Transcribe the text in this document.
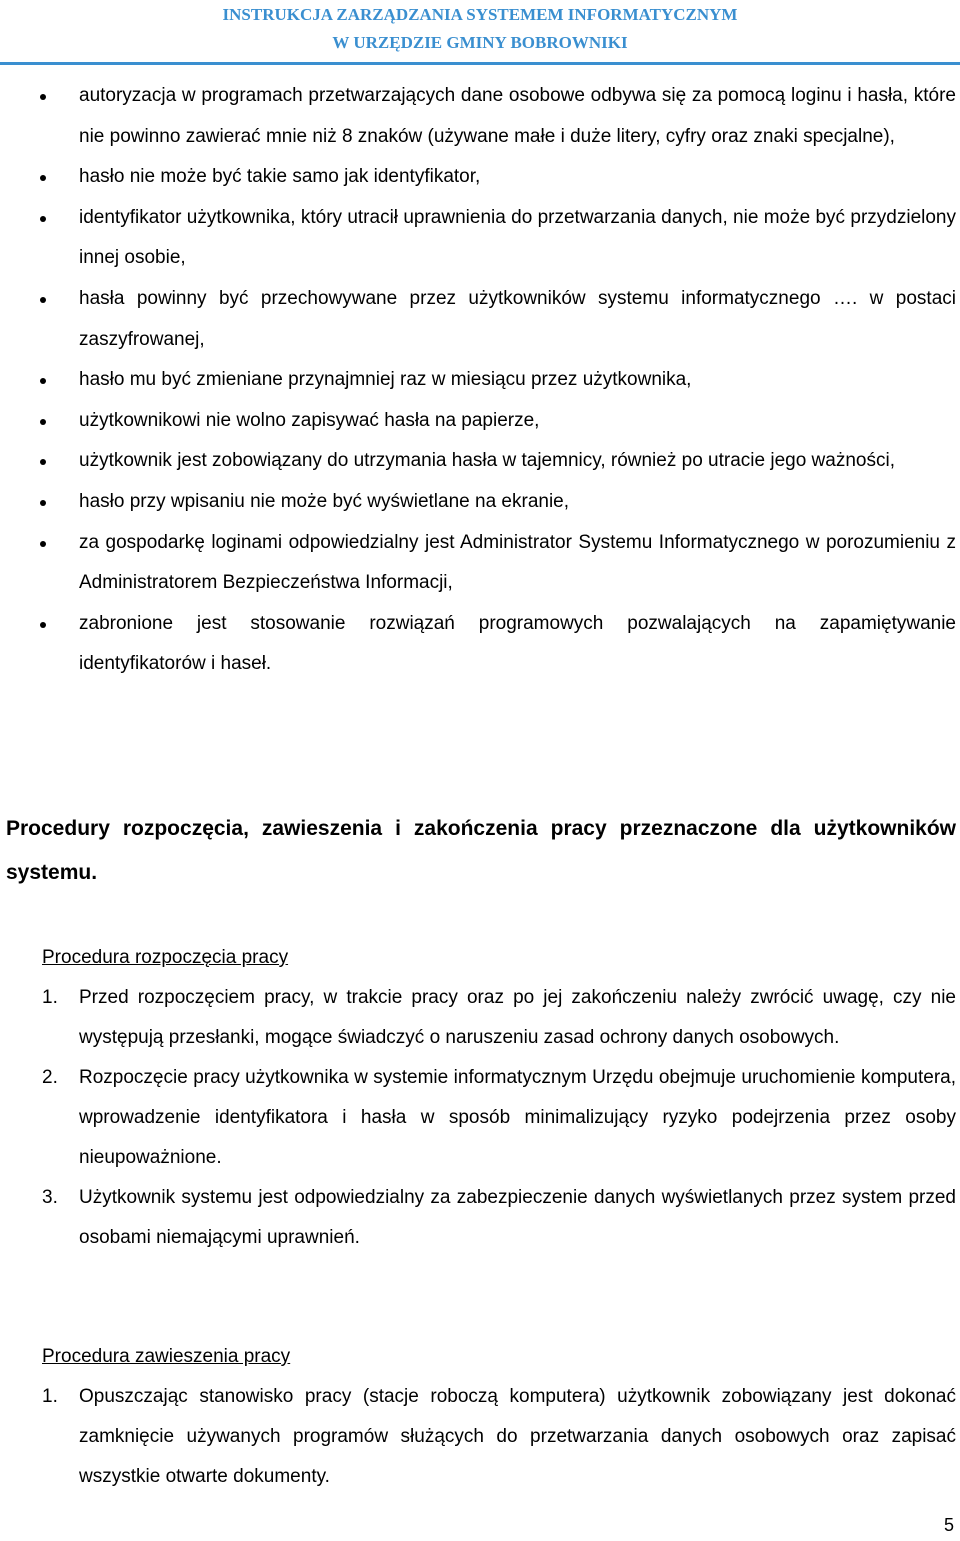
INSTRUKCJA ZARZĄDZANIA SYSTEMEM INFORMATYCZNYM
W URZĘDZIE GMINY BOBROWNIKI
autoryzacja w programach przetwarzających dane osobowe odbywa się za pomocą loginu i hasła, które nie powinno zawierać mnie niż 8 znaków (używane małe i duże litery, cyfry oraz znaki specjalne),
hasło nie może być takie samo jak identyfikator,
identyfikator użytkownika, który utracił uprawnienia do przetwarzania danych, nie może być przydzielony innej osobie,
hasła powinny być przechowywane przez użytkowników systemu informatycznego …. w postaci zaszyfrowanej,
hasło mu być zmieniane przynajmniej raz w miesiącu przez użytkownika,
użytkownikowi nie wolno zapisywać hasła na papierze,
użytkownik jest zobowiązany do utrzymania hasła w tajemnicy, również po utracie jego ważności,
hasło przy wpisaniu nie może być wyświetlane na ekranie,
za gospodarkę loginami odpowiedzialny jest Administrator Systemu Informatycznego w porozumieniu z Administratorem Bezpieczeństwa Informacji,
zabronione jest stosowanie rozwiązań programowych pozwalających na zapamiętywanie identyfikatorów i haseł.
Procedury rozpoczęcia, zawieszenia i zakończenia pracy przeznaczone dla użytkowników systemu.
Procedura rozpoczęcia pracy
1. Przed rozpoczęciem pracy, w trakcie pracy oraz po jej zakończeniu należy zwrócić uwagę, czy nie występują przesłanki, mogące świadczyć o naruszeniu zasad ochrony danych osobowych.
2. Rozpoczęcie pracy użytkownika w systemie informatycznym Urzędu obejmuje uruchomienie komputera, wprowadzenie identyfikatora i hasła w sposób minimalizujący ryzyko podejrzenia przez osoby nieupoważnione.
3. Użytkownik systemu jest odpowiedzialny za zabezpieczenie danych wyświetlanych przez system przed osobami niemającymi uprawnień.
Procedura zawieszenia pracy
1. Opuszczając stanowisko pracy (stacje roboczą komputera) użytkownik zobowiązany jest dokonać zamknięcie używanych programów służących do przetwarzania danych osobowych oraz zapisać wszystkie otwarte dokumenty.
5
